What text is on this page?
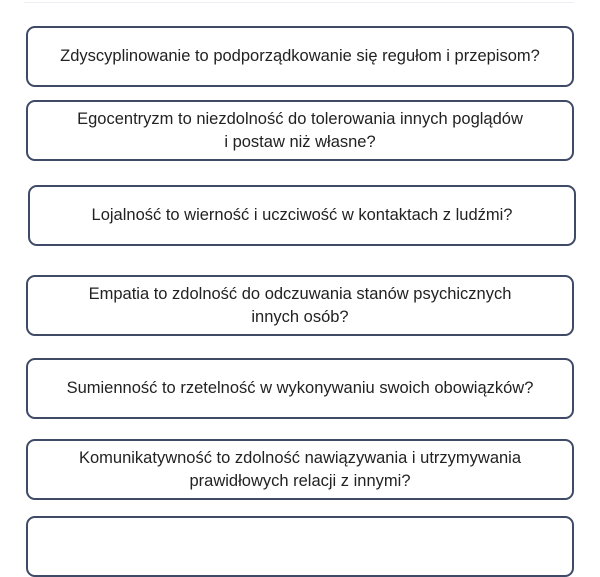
Zdyscyplinowanie to podporządkowanie się regułom i przepisom?
Egocentryzm to niezdolność do tolerowania innych poglądów
i postaw niż własne?
Lojalność to wierność i uczciwość w kontaktach z ludźmi?
Empatia to zdolność do odczuwania stanów psychicznych
innych osób?
Sumienność to rzetelność w wykonywaniu swoich obowiązków?
Komunikatywność to zdolność nawiązywania i utrzymywania
prawidłowych relacji z innymi?
